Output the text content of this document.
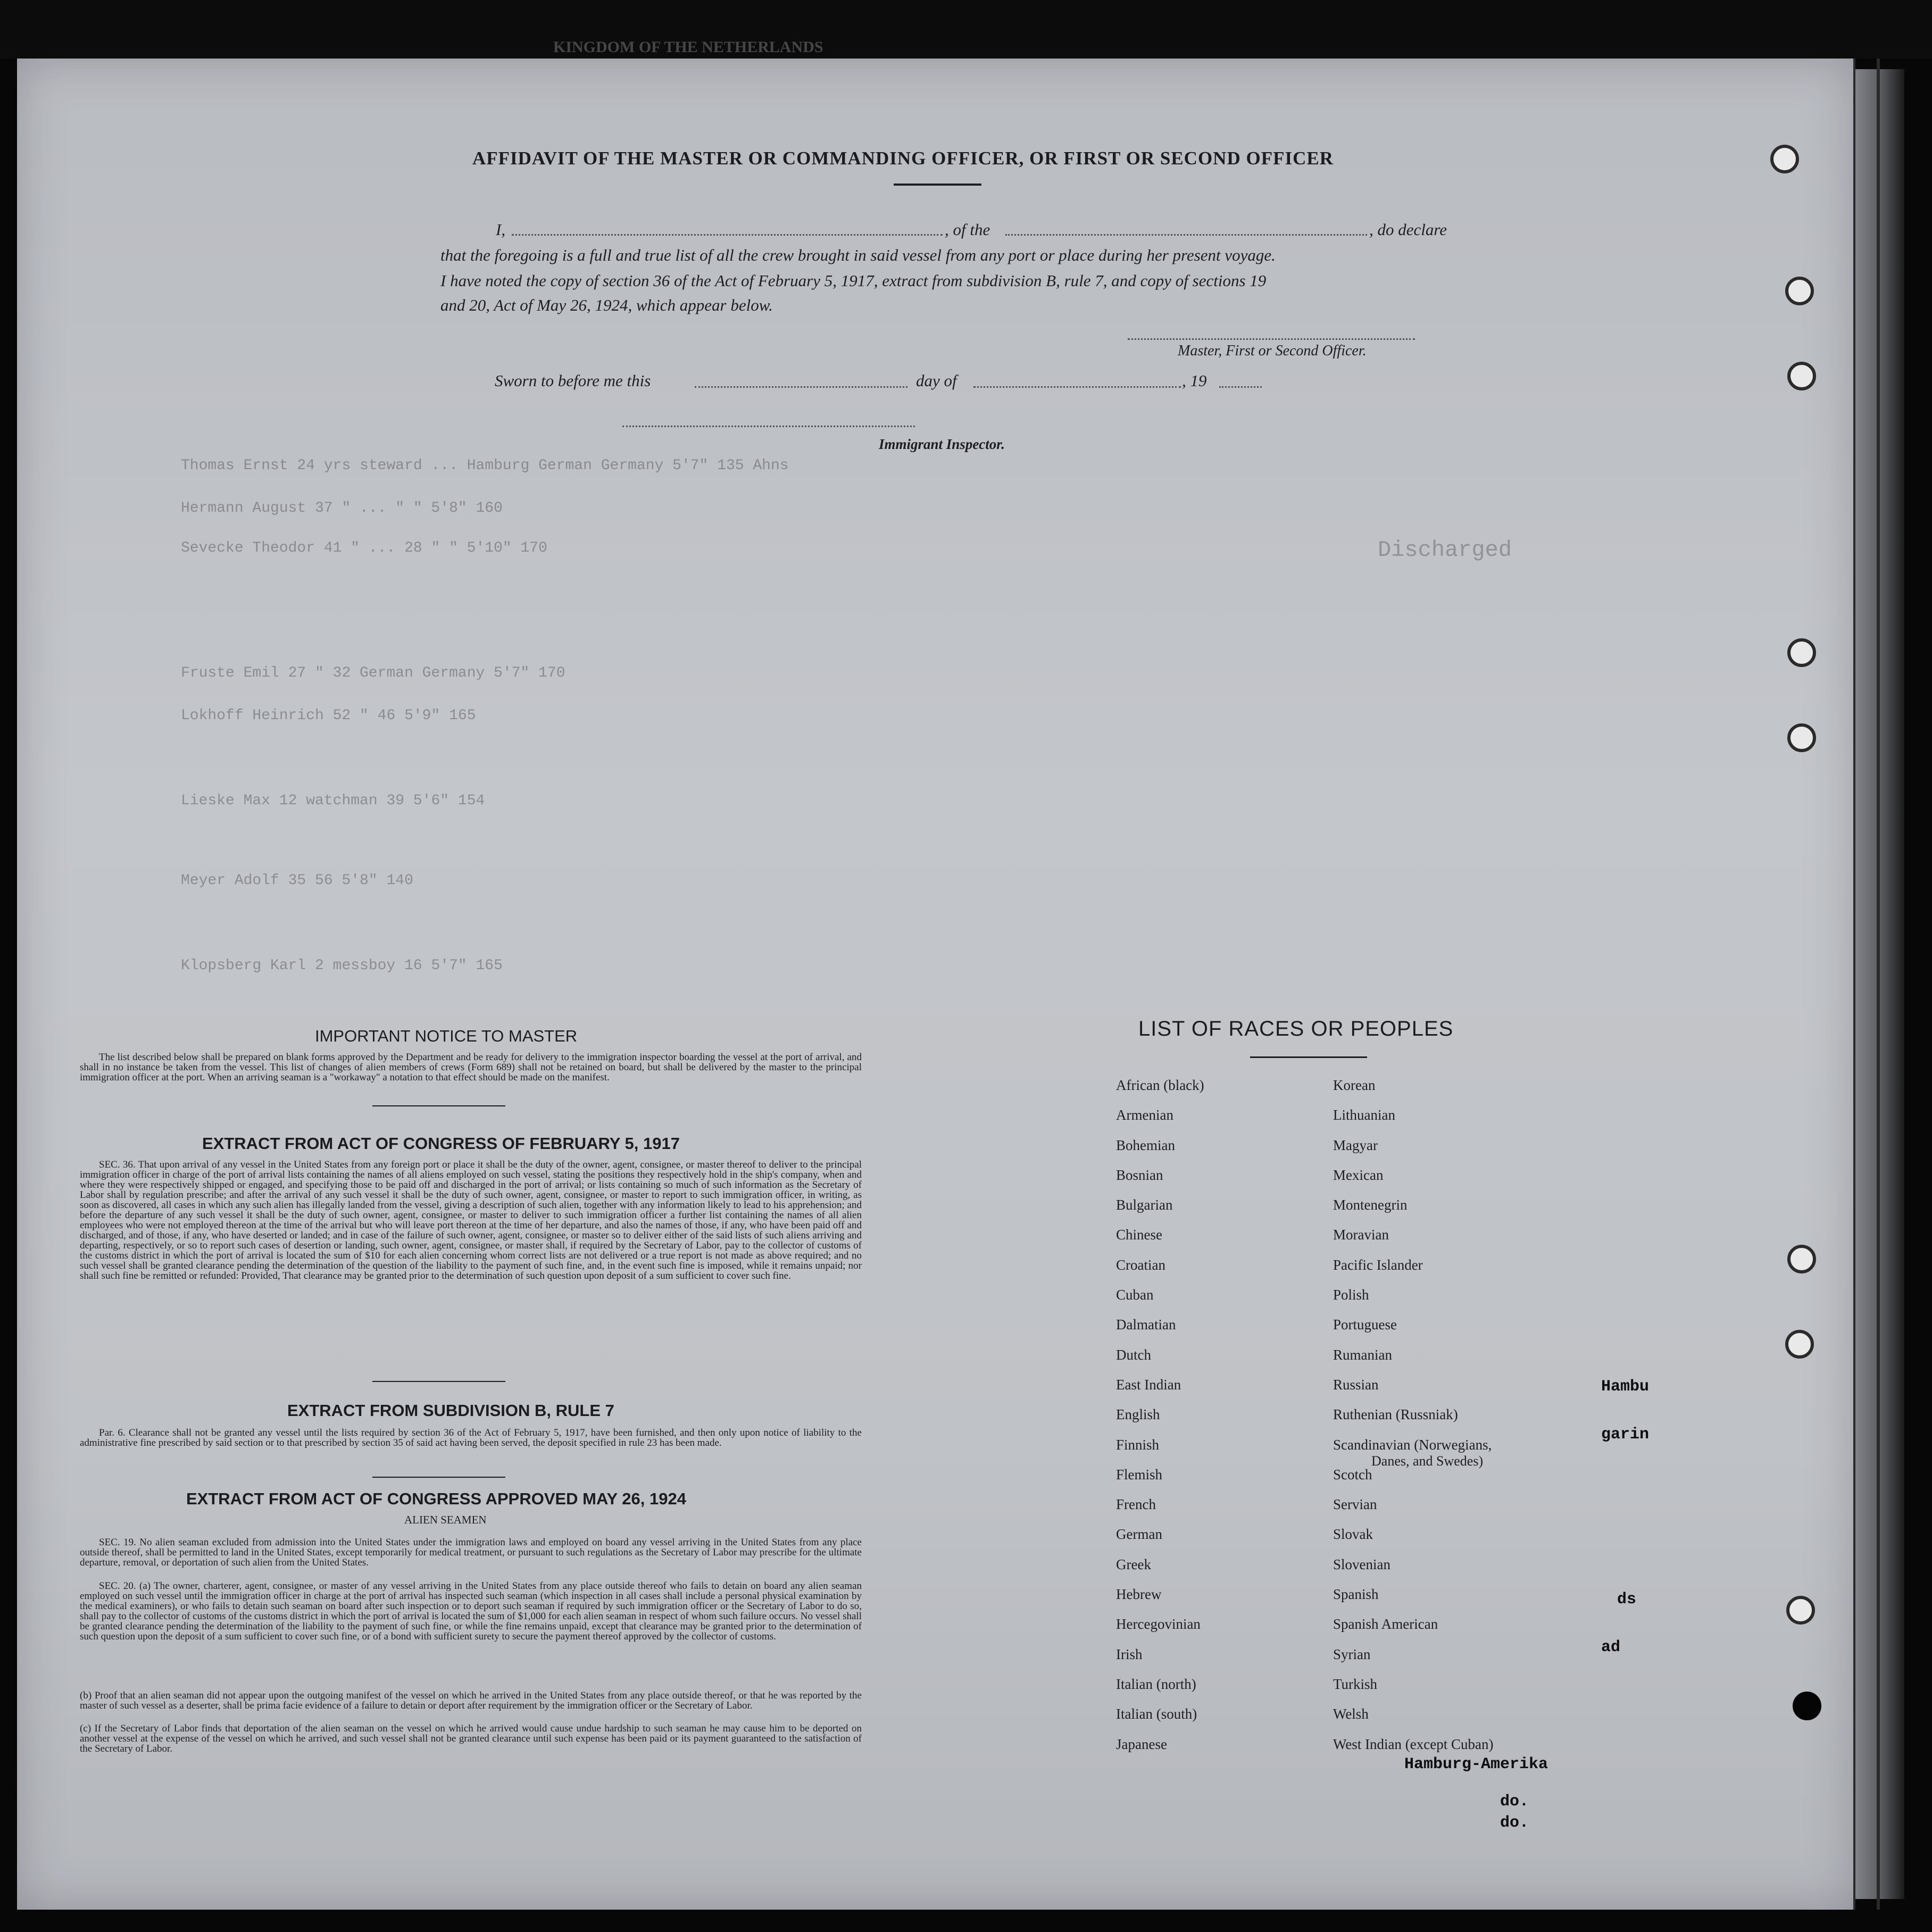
KINGDOM OF THE NETHERLANDS
Thomas Ernst 24 yrs steward ... Hamburg German Germany 5'7" 135 Ahns
Hermann August 37 " ... " " 5'8" 160
Sevecke Theodor 41 " ... 28 " " 5'10" 170
Fruste Emil 27 " 32 German Germany 5'7" 170
Lokhoff Heinrich 52 " 46 5'9" 165
Lieske Max 12 watchman 39 5'6" 154
Meyer Adolf 35 56 5'8" 140
Klopsberg Karl 2 messboy 16 5'7" 165
Discharged
AFFIDAVIT OF THE MASTER OR COMMANDING OFFICER, OR FIRST OR SECOND OFFICER
I,	, of the	, do declare
that the foregoing is a full and true list of all the crew brought in said vessel from any port or place during her present voyage.
I have noted the copy of section 36 of the Act of February 5, 1917, extract from subdivision B, rule 7, and copy of sections 19
and 20, Act of May 26, 1924, which appear below.
Master, First or Second Officer.
Sworn to before me this	day of	, 19
Immigrant Inspector.
IMPORTANT NOTICE TO MASTER
The list described below shall be prepared on blank forms approved by the Department and be ready for delivery to the immigration inspector boarding the vessel at the port of arrival, and shall in no instance be taken from the vessel. This list of changes of alien members of crews (Form 689) shall not be retained on board, but shall be delivered by the master to the principal immigration officer at the port. When an arriving seaman is a "workaway" a notation to that effect should be made on the manifest.
EXTRACT FROM ACT OF CONGRESS OF FEBRUARY 5, 1917
SEC. 36. That upon arrival of any vessel in the United States from any foreign port or place it shall be the duty of the owner, agent, consignee, or master thereof to deliver to the principal immigration officer in charge of the port of arrival lists containing the names of all aliens employed on such vessel, stating the positions they respectively hold in the ship's company, when and where they were respectively shipped or engaged, and specifying those to be paid off and discharged in the port of arrival; or lists containing so much of such information as the Secretary of Labor shall by regulation prescribe; and after the arrival of any such vessel it shall be the duty of such owner, agent, consignee, or master to report to such immigration officer, in writing, as soon as discovered, all cases in which any such alien has illegally landed from the vessel, giving a description of such alien, together with any information likely to lead to his apprehension; and before the departure of any such vessel it shall be the duty of such owner, agent, consignee, or master to deliver to such immigration officer a further list containing the names of all alien employees who were not employed thereon at the time of the arrival but who will leave port thereon at the time of her departure, and also the names of those, if any, who have been paid off and discharged, and of those, if any, who have deserted or landed; and in case of the failure of such owner, agent, consignee, or master so to deliver either of the said lists of such aliens arriving and departing, respectively, or so to report such cases of desertion or landing, such owner, agent, consignee, or master shall, if required by the Secretary of Labor, pay to the collector of customs of the customs district in which the port of arrival is located the sum of $10 for each alien concerning whom correct lists are not delivered or a true report is not made as above required; and no such vessel shall be granted clearance pending the determination of the question of the liability to the payment of such fine, and, in the event such fine is imposed, while it remains unpaid; nor shall such fine be remitted or refunded: Provided, That clearance may be granted prior to the determination of such question upon deposit of a sum sufficient to cover such fine.
EXTRACT FROM SUBDIVISION B, RULE 7
Par. 6. Clearance shall not be granted any vessel until the lists required by section 36 of the Act of February 5, 1917, have been furnished, and then only upon notice of liability to the administrative fine prescribed by said section or to that prescribed by section 35 of said act having been served, the deposit specified in rule 23 has been made.
EXTRACT FROM ACT OF CONGRESS APPROVED MAY 26, 1924
ALIEN SEAMEN
SEC. 19. No alien seaman excluded from admission into the United States under the immigration laws and employed on board any vessel arriving in the United States from any place outside thereof, shall be permitted to land in the United States, except temporarily for medical treatment, or pursuant to such regulations as the Secretary of Labor may prescribe for the ultimate departure, removal, or deportation of such alien from the United States.
SEC. 20. (a) The owner, charterer, agent, consignee, or master of any vessel arriving in the United States from any place outside thereof who fails to detain on board any alien seaman employed on such vessel until the immigration officer in charge at the port of arrival has inspected such seaman (which inspection in all cases shall include a personal physical examination by the medical examiners), or who fails to detain such seaman on board after such inspection or to deport such seaman if required by such immigration officer or the Secretary of Labor to do so, shall pay to the collector of customs of the customs district in which the port of arrival is located the sum of $1,000 for each alien seaman in respect of whom such failure occurs. No vessel shall be granted clearance pending the determination of the liability to the payment of such fine, or while the fine remains unpaid, except that clearance may be granted prior to the determination of such question upon the deposit of a sum sufficient to cover such fine, or of a bond with sufficient surety to secure the payment thereof approved by the collector of customs.
(b) Proof that an alien seaman did not appear upon the outgoing manifest of the vessel on which he arrived in the United States from any place outside thereof, or that he was reported by the master of such vessel as a deserter, shall be prima facie evidence of a failure to detain or deport after requirement by the immigration officer or the Secretary of Labor.
(c) If the Secretary of Labor finds that deportation of the alien seaman on the vessel on which he arrived would cause undue hardship to such seaman he may cause him to be deported on another vessel at the expense of the vessel on which he arrived, and such vessel shall not be granted clearance until such expense has been paid or its payment guaranteed to the satisfaction of the Secretary of Labor.
LIST OF RACES OR PEOPLES
African (black)
Armenian
Bohemian
Bosnian
Bulgarian
Chinese
Croatian
Cuban
Dalmatian
Dutch
East Indian
English
Finnish
Flemish
French
German
Greek
Hebrew
Hercegovinian
Irish
Italian (north)
Italian (south)
Japanese
Korean
Lithuanian
Magyar
Mexican
Montenegrin
Moravian
Pacific Islander
Polish
Portuguese
Rumanian
Russian
Ruthenian (Russniak)
Scandinavian (Norwegians,
Scotch
Servian
Slovak
Slovenian
Spanish
Spanish American
Syrian
Turkish
Welsh
West Indian (except Cuban)
Danes, and Swedes)
Hambu
garin
ds
ad
Hamburg-Amerika
do.
do.
